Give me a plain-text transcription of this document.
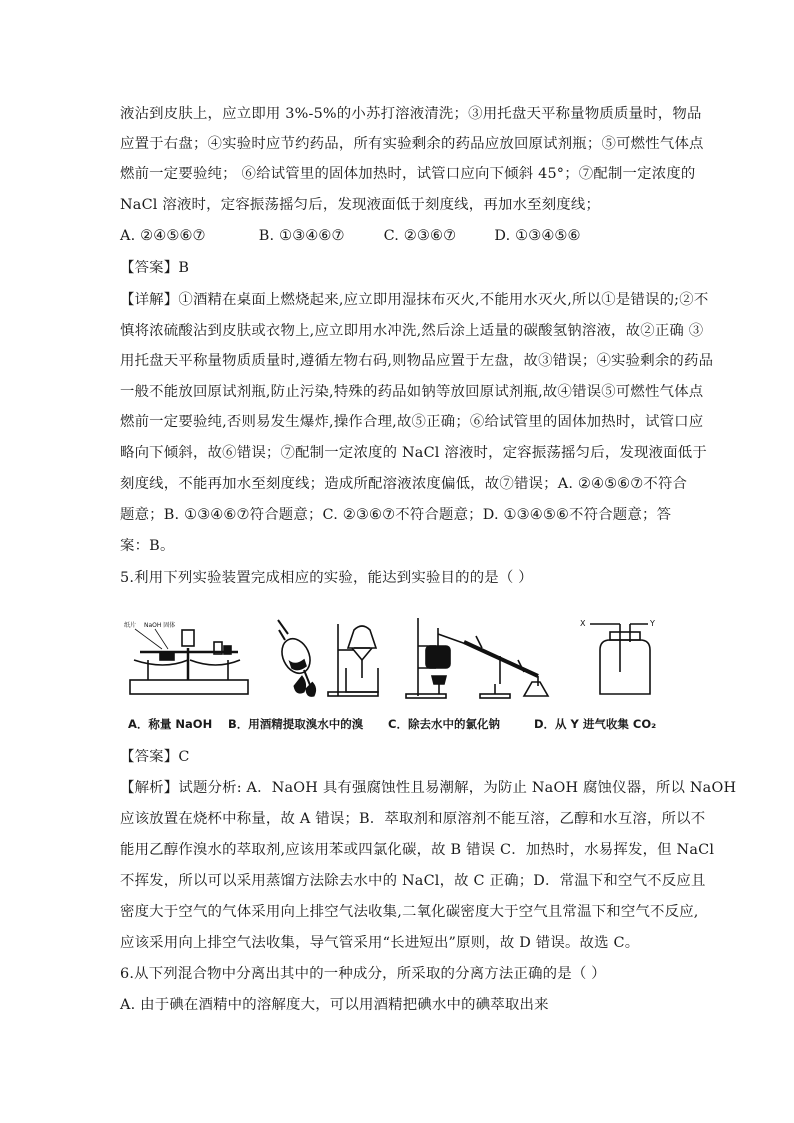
液沾到皮肤上，应立即用 3%-5%的小苏打溶液清洗；③用托盘天平称量物质质量时，物品
应置于右盘；④实验时应节约药品，所有实验剩余的药品应放回原试剂瓶；⑤可燃性气体点
燃前一定要验纯； ⑥给试管里的固体加热时，试管口应向下倾斜 45°；⑦配制一定浓度的
NaCl 溶液时，定容振荡摇匀后，发现液面低于刻度线，再加水至刻度线；
A. ②④⑤⑥⑦	B. ①③④⑥⑦	C. ②③⑥⑦	D. ①③④⑤⑥
【答案】B
【详解】①酒精在桌面上燃烧起来,应立即用湿抹布灭火,不能用水灭火,所以①是错误的;②不
慎将浓硫酸沾到皮肤或衣物上,应立即用水冲洗,然后涂上适量的碳酸氢钠溶液，故②正确 ③
用托盘天平称量物质质量时,遵循左物右码,则物品应置于左盘，故③错误；④实验剩余的药品
一般不能放回原试剂瓶,防止污染,特殊的药品如钠等放回原试剂瓶,故④错误⑤可燃性气体点
燃前一定要验纯,否则易发生爆炸,操作合理,故⑤正确；⑥给试管里的固体加热时，试管口应
略向下倾斜，故⑥错误；⑦配制一定浓度的 NaCl 溶液时，定容振荡摇匀后，发现液面低于
刻度线，不能再加水至刻度线；造成所配溶液浓度偏低，故⑦错误；A. ②④⑤⑥⑦不符合
题意；B. ①③④⑥⑦符合题意；C. ②③⑥⑦不符合题意；D. ①③④⑤⑥不符合题意；答
案：B。
5.利用下列实验装置完成相应的实验，能达到实验目的的是（ ）
纸片 NaOH 固体	X	Y
A．称量 NaOH B．用酒精提取溴水中的溴 C．除去水中的氯化钠	D．从 Y 进气收集 CO₂
【答案】C
【解析】试题分析: A．NaOH 具有强腐蚀性且易潮解，为防止 NaOH 腐蚀仪器，所以 NaOH
应该放置在烧杯中称量，故 A 错误；B．萃取剂和原溶剂不能互溶，乙醇和水互溶，所以不
能用乙醇作溴水的萃取剂,应该用苯或四氯化碳，故 B 错误 C．加热时，水易挥发，但 NaCl
不挥发，所以可以采用蒸馏方法除去水中的 NaCl，故 C 正确；D．常温下和空气不反应且
密度大于空气的气体采用向上排空气法收集,二氧化碳密度大于空气且常温下和空气不反应,
应该采用向上排空气法收集，导气管采用“长进短出”原则，故 D 错误。故选 C。
6.从下列混合物中分离出其中的一种成分，所采取的分离方法正确的是（ ）
A. 由于碘在酒精中的溶解度大，可以用酒精把碘水中的碘萃取出来
